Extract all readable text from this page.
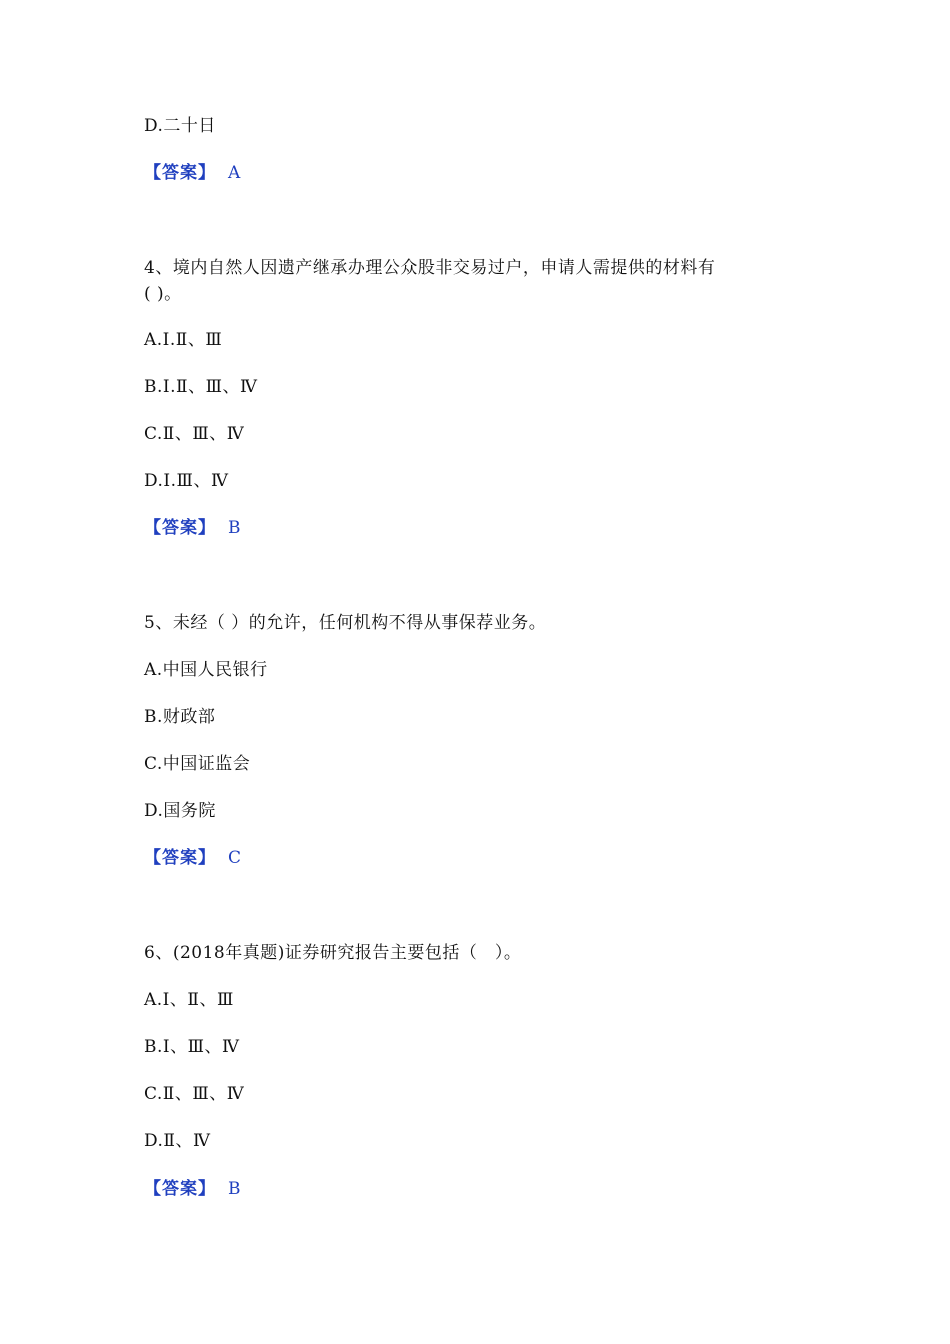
D.二十日
【答案】 A
4、境内自然人因遗产继承办理公众股非交易过户，申请人需提供的材料有
( )。
A.Ⅰ.Ⅱ、Ⅲ
B.Ⅰ.Ⅱ、Ⅲ、Ⅳ
C.Ⅱ、Ⅲ、Ⅳ
D.Ⅰ.Ⅲ、Ⅳ
【答案】 B
5、未经（ ）的允许，任何机构不得从事保荐业务。
A.中国人民银行
B.财政部
C.中国证监会
D.国务院
【答案】 C
6、(2018年真题)证券研究报告主要包括（　）。
A.Ⅰ、Ⅱ、Ⅲ
B.Ⅰ、Ⅲ、Ⅳ
C.Ⅱ、Ⅲ、Ⅳ
D.Ⅱ、Ⅳ
【答案】 B
